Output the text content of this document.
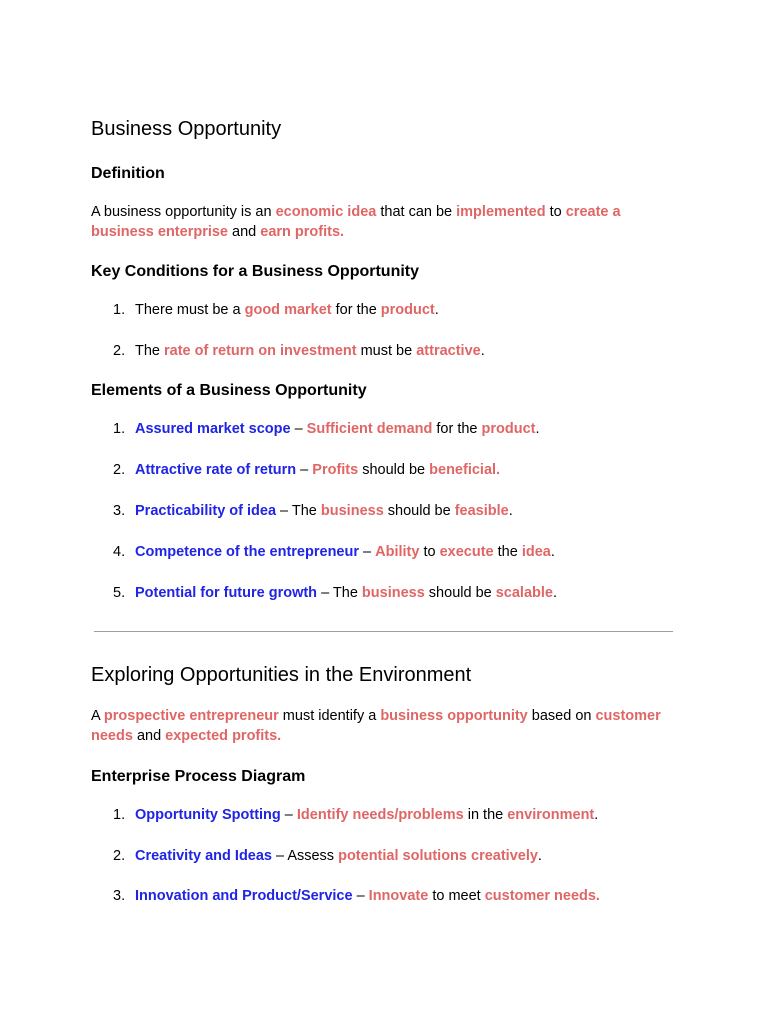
Business Opportunity
Definition

A business opportunity is an economic idea that can be implemented to create a business enterprise and earn profits.

Key Conditions for a Business Opportunity

1. There must be a good market for the product.

2. The rate of return on investment must be attractive.

Elements of a Business Opportunity

1. Assured market scope – Sufficient demand for the product.

2. Attractive rate of return – Profits should be beneficial.

3. Practicability of idea – The business should be feasible.

4. Competence of the entrepreneur – Ability to execute the idea.

5. Potential for future growth – The business should be scalable.

Exploring Opportunities in the Environment

A prospective entrepreneur must identify a business opportunity based on customer needs and expected profits.

Enterprise Process Diagram

1. Opportunity Spotting – Identify needs/problems in the environment.

2. Creativity and Ideas – Assess potential solutions creatively.

3. Innovation and Product/Service – Innovate to meet customer needs.
